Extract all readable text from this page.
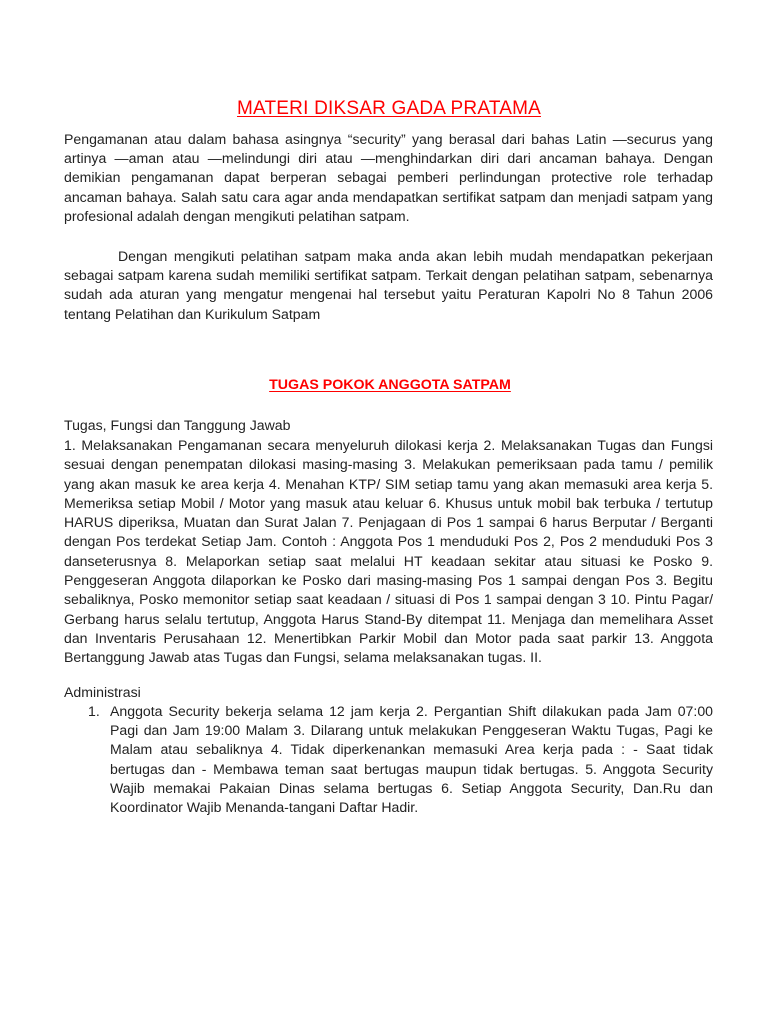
MATERI DIKSAR GADA PRATAMA

Pengamanan atau dalam bahasa asingnya “security” yang berasal dari bahas Latin —securus yang artinya —aman atau —melindungi diri atau —menghindarkan diri dari ancaman bahaya. Dengan demikian pengamanan dapat berperan sebagai pemberi perlindungan protective role terhadap ancaman bahaya. Salah satu cara agar anda mendapatkan sertifikat satpam dan menjadi satpam yang profesional adalah dengan mengikuti pelatihan satpam.

Dengan mengikuti pelatihan satpam maka anda akan lebih mudah mendapatkan pekerjaan sebagai satpam karena sudah memiliki sertifikat satpam. Terkait dengan pelatihan satpam, sebenarnya sudah ada aturan yang mengatur mengenai hal tersebut yaitu Peraturan Kapolri No 8 Tahun 2006 tentang Pelatihan dan Kurikulum Satpam

TUGAS POKOK ANGGOTA SATPAM

Tugas, Fungsi dan Tanggung Jawab

1. Melaksanakan Pengamanan secara menyeluruh dilokasi kerja 2. Melaksanakan Tugas dan Fungsi sesuai dengan penempatan dilokasi masing-masing 3. Melakukan pemeriksaan pada tamu / pemilik yang akan masuk ke area kerja 4. Menahan KTP/ SIM setiap tamu yang akan memasuki area kerja 5. Memeriksa setiap Mobil / Motor yang masuk atau keluar 6. Khusus untuk mobil bak terbuka / tertutup HARUS diperiksa, Muatan dan Surat Jalan 7. Penjagaan di Pos 1 sampai 6 harus Berputar / Berganti dengan Pos terdekat Setiap Jam. Contoh : Anggota Pos 1 menduduki Pos 2, Pos 2 menduduki Pos 3 danseterusnya 8. Melaporkan setiap saat melalui HT keadaan sekitar atau situasi ke Posko 9. Penggeseran Anggota dilaporkan ke Posko dari masing-masing Pos 1 sampai dengan Pos 3. Begitu sebaliknya, Posko memonitor setiap saat keadaan / situasi di Pos 1 sampai dengan 3 10. Pintu Pagar/ Gerbang harus selalu tertutup, Anggota Harus Stand-By ditempat 11. Menjaga dan memelihara Asset dan Inventaris Perusahaan 12. Menertibkan Parkir Mobil dan Motor pada saat parkir 13. Anggota Bertanggung Jawab atas Tugas dan Fungsi, selama melaksanakan tugas. II.

Administrasi

1. Anggota Security bekerja selama 12 jam kerja 2. Pergantian Shift dilakukan pada Jam 07:00 Pagi dan Jam 19:00 Malam 3. Dilarang untuk melakukan Penggeseran Waktu Tugas, Pagi ke Malam atau sebaliknya 4. Tidak diperkenankan memasuki Area kerja pada : - Saat tidak bertugas dan - Membawa teman saat bertugas maupun tidak bertugas. 5. Anggota Security Wajib memakai Pakaian Dinas selama bertugas 6. Setiap Anggota Security, Dan.Ru dan Koordinator Wajib Menanda-tangani Daftar Hadir.
